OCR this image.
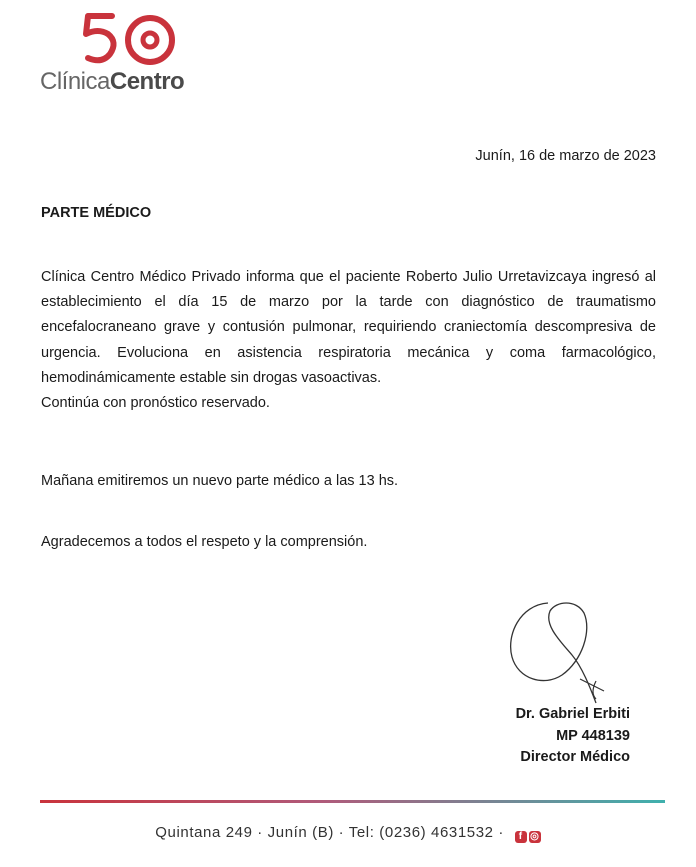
ClínicaCentro
Junín, 16 de marzo de 2023
PARTE MÉDICO

Clínica Centro Médico Privado informa que el paciente Roberto Julio Urretavizcaya ingresó al

establecimiento el día 15 de marzo por la tarde con diagnóstico de traumatismo

encefalocraneano grave y contusión pulmonar, requiriendo craniectomía descompresiva de

urgencia. Evoluciona en asistencia respiratoria mecánica y coma farmacológico,

hemodinámicamente estable sin drogas vasoactivas.

Continúa con pronóstico reservado.

Mañana emitiremos un nuevo parte médico a las 13 hs.
Agradecemos a todos el respeto y la comprensión.
Dr. Gabriel Erbiti
MP 448139
Director Médico
Quintana 249 · Junín (B) · Tel: (0236) 4631532 · f ◎
